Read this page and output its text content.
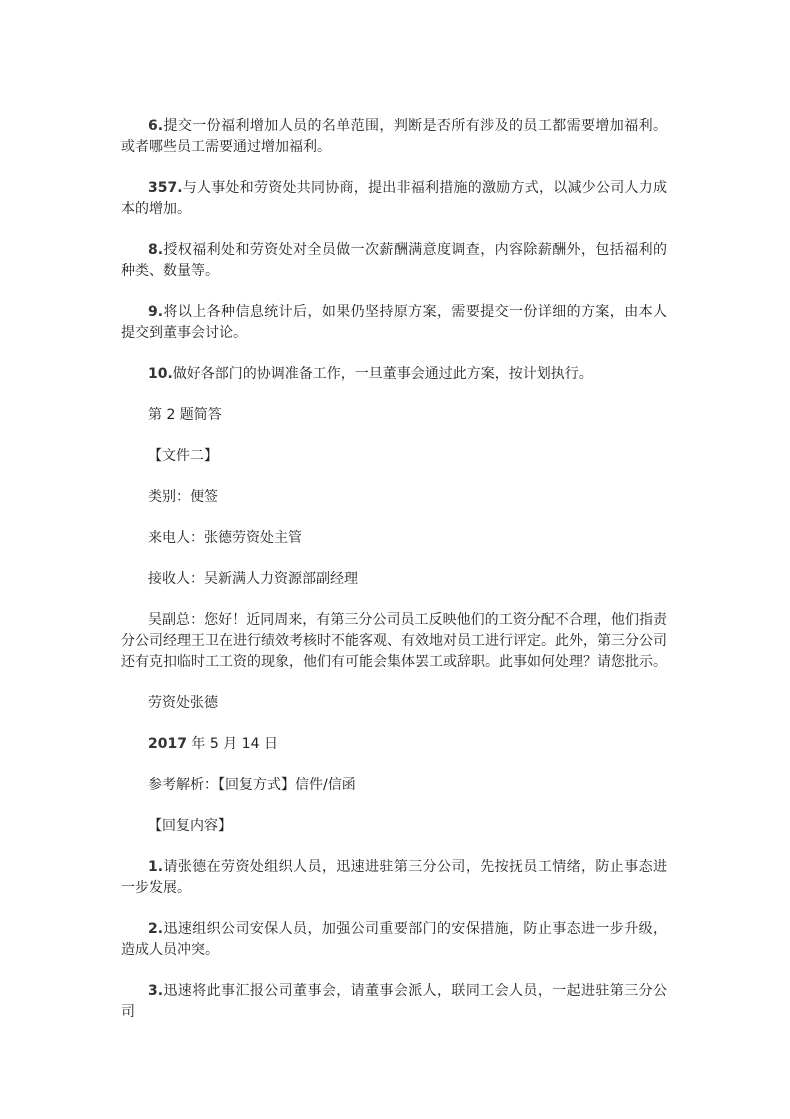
6.提交一份福利增加人员的名单范围，判断是否所有涉及的员工都需要增加福利。或者哪些员工需要通过增加福利。

357.与人事处和劳资处共同协商，提出非福利措施的激励方式，以减少公司人力成本的增加。

8.授权福利处和劳资处对全员做一次薪酬满意度调查，内容除薪酬外，包括福利的种类、数量等。

9.将以上各种信息统计后，如果仍坚持原方案，需要提交一份详细的方案，由本人提交到董事会讨论。

10.做好各部门的协调准备工作，一旦董事会通过此方案，按计划执行。

第 2 题简答

【文件二】

类别：便签

来电人：张德劳资处主管

接收人：吴新满人力资源部副经理

吴副总：您好！近同周来，有第三分公司员工反映他们的工资分配不合理，他们指责分公司经理王卫在进行绩效考核时不能客观、有效地对员工进行评定。此外，第三分公司还有克扣临时工工资的现象，他们有可能会集体罢工或辞职。此事如何处理？请您批示。

劳资处张德

2017 年 5 月 14 日

参考解析：【回复方式】信件/信函

【回复内容】

1.请张德在劳资处组织人员，迅速进驻第三分公司，先按抚员工情绪，防止事态进一步发展。

2.迅速组织公司安保人员，加强公司重要部门的安保措施，防止事态进一步升级，造成人员冲突。

3.迅速将此事汇报公司董事会，请董事会派人，联同工会人员，一起进驻第三分公司
